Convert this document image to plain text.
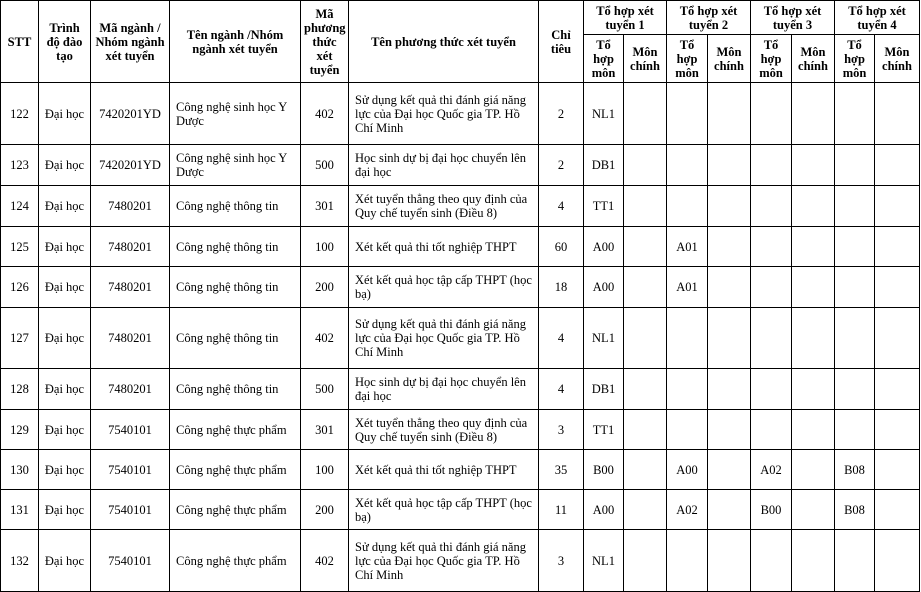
STT	Trình độ đào tạo	Mã ngành / Nhóm ngành xét tuyển	Tên ngành /Nhóm ngành xét tuyển	Mã phương thức xét tuyển	Tên phương thức xét tuyển	Chỉ tiêu	Tổ hợp xét tuyển 1		Tổ hợp xét tuyển 2		Tổ hợp xét tuyển 3		Tổ hợp xét tuyển 4	
							Tổ hợp môn	Môn chính	Tổ hợp môn	Môn chính	Tổ hợp môn	Môn chính	Tổ hợp môn	Môn chính
122	Đại học	7420201YD	Công nghệ sinh học Y Dược	402	Sử dụng kết quả thi đánh giá năng lực của Đại học Quốc gia TP. Hồ Chí Minh	2	NL1							
123	Đại học	7420201YD	Công nghệ sinh học Y Dược	500	Học sinh dự bị đại học chuyển lên đại học	2	DB1							
124	Đại học	7480201	Công nghệ thông tin	301	Xét tuyển thẳng theo quy định của Quy chế tuyển sinh (Điều 8)	4	TT1							
125	Đại học	7480201	Công nghệ thông tin	100	Xét kết quả thi tốt nghiệp THPT	60	A00		A01					
126	Đại học	7480201	Công nghệ thông tin	200	Xét kết quả học tập cấp THPT (học bạ)	18	A00		A01					
127	Đại học	7480201	Công nghệ thông tin	402	Sử dụng kết quả thi đánh giá năng lực của Đại học Quốc gia TP. Hồ Chí Minh	4	NL1							
128	Đại học	7480201	Công nghệ thông tin	500	Học sinh dự bị đại học chuyển lên đại học	4	DB1							
129	Đại học	7540101	Công nghệ thực phẩm	301	Xét tuyển thẳng theo quy định của Quy chế tuyển sinh (Điều 8)	3	TT1							
130	Đại học	7540101	Công nghệ thực phẩm	100	Xét kết quả thi tốt nghiệp THPT	35	B00		A00		A02		B08	
131	Đại học	7540101	Công nghệ thực phẩm	200	Xét kết quả học tập cấp THPT (học bạ)	11	A00		A02		B00		B08	
132	Đại học	7540101	Công nghệ thực phẩm	402	Sử dụng kết quả thi đánh giá năng lực của Đại học Quốc gia TP. Hồ Chí Minh	3	NL1							
